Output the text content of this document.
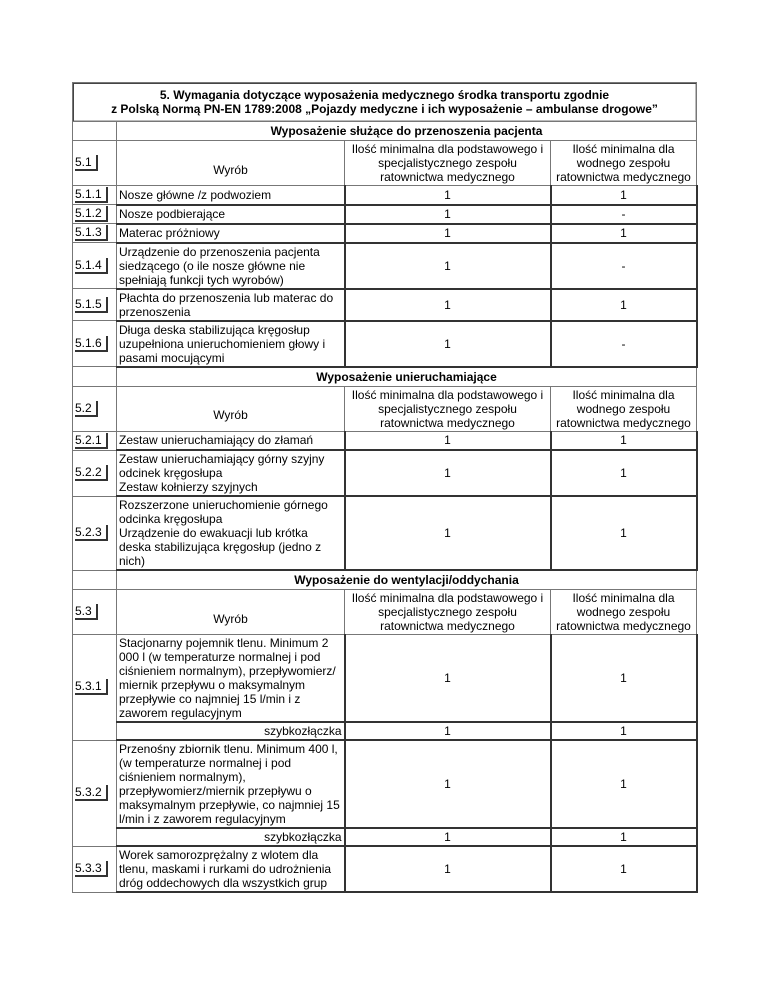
5. Wymagania dotyczące wyposażenia medycznego środka transportu zgodnie
z Polską Normą PN-EN 1789:2008 „Pojazdy medyczne i ich wyposażenie – ambulanse drogowe”			

	Wyposażenie służące do przenoszenia pacjenta		
5.1	Wyrób	Ilość minimalna dla podstawowego i specjalistycznego zespołu ratownictwa medycznego	Ilość minimalna dla wodnego zespołu ratownictwa medycznego
5.1.1	Nosze główne /z podwoziem	1	1
5.1.2	Nosze podbierające	1	-
5.1.3	Materac próżniowy	1	1
5.1.4	Urządzenie do przenoszenia pacjenta siedzącego (o ile nosze główne nie spełniają funkcji tych wyrobów)	1	-
5.1.5	Płachta do przenoszenia lub materac do przenoszenia	1	1
5.1.6	Długa deska stabilizująca kręgosłup uzupełniona unieruchomieniem głowy i pasami mocującymi	1	-
	Wyposażenie unieruchamiające		
5.2	Wyrób	Ilość minimalna dla podstawowego i specjalistycznego zespołu ratownictwa medycznego	Ilość minimalna dla wodnego zespołu ratownictwa medycznego
5.2.1	Zestaw unieruchamiający do złamań	1	1
5.2.2	Zestaw unieruchamiający górny szyjny odcinek kręgosłupa
Zestaw kołnierzy szyjnych	1	1
5.2.3	Rozszerzone unieruchomienie górnego odcinka kręgosłupa
Urządzenie do ewakuacji lub krótka deska stabilizująca kręgosłup (jedno z nich)	1	1
	Wyposażenie do wentylacji/oddychania		
5.3	Wyrób	Ilość minimalna dla podstawowego i specjalistycznego zespołu ratownictwa medycznego	Ilość minimalna dla wodnego zespołu ratownictwa medycznego
5.3.1	Stacjonarny pojemnik tlenu. Minimum 2 000 l (w temperaturze normalnej i pod ciśnieniem normalnym), przepływomierz/ miernik przepływu o maksymalnym przepływie co najmniej 15 l/min i z zaworem regulacyjnym	1	1
	szybkozłączka	1	1
5.3.2	Przenośny zbiornik tlenu. Minimum 400 l, (w temperaturze normalnej i pod ciśnieniem normalnym), przepływomierz/miernik przepływu o maksymalnym przepływie, co najmniej 15 l/min i z zaworem regulacyjnym	1	1
	szybkozłączka	1	1
5.3.3	Worek samorozprężalny z wlotem dla tlenu, maskami i rurkami do udrożnienia dróg oddechowych dla wszystkich grup	1	1
